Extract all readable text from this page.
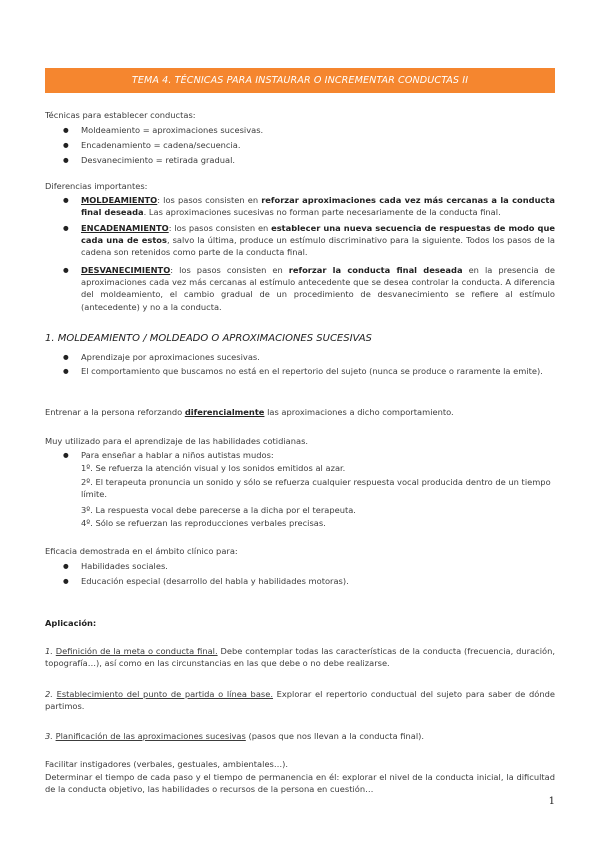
TEMA 4. TÉCNICAS PARA INSTAURAR O INCREMENTAR CONDUCTAS II
Técnicas para establecer conductas:
● Moldeamiento = aproximaciones sucesivas.
● Encadenamiento = cadena/secuencia.
● Desvanecimiento = retirada gradual.
Diferencias importantes:
● MOLDEAMIENTO: los pasos consisten en reforzar aproximaciones cada vez más cercanas a la conducta final deseada. Las aproximaciones sucesivas no forman parte necesariamente de la conducta final.
● ENCADENAMIENTO: los pasos consisten en establecer una nueva secuencia de respuestas de modo que cada una de estos, salvo la última, produce un estímulo discriminativo para la siguiente. Todos los pasos de la cadena son retenidos como parte de la conducta final.
● DESVANECIMIENTO: los pasos consisten en reforzar la conducta final deseada en la presencia de aproximaciones cada vez más cercanas al estímulo antecedente que se desea controlar la conducta. A diferencia del moldeamiento, el cambio gradual de un procedimiento de desvanecimiento se refiere al estímulo (antecedente) y no a la conducta.
1. MOLDEAMIENTO / MOLDEADO O APROXIMACIONES SUCESIVAS
● Aprendizaje por aproximaciones sucesivas.
● El comportamiento que buscamos no está en el repertorio del sujeto (nunca se produce o raramente la emite).
Entrenar a la persona reforzando diferencialmente las aproximaciones a dicho comportamiento.
Muy utilizado para el aprendizaje de las habilidades cotidianas.
● Para enseñar a hablar a niños autistas mudos:
1º. Se refuerza la atención visual y los sonidos emitidos al azar.
2º. El terapeuta pronuncia un sonido y sólo se refuerza cualquier respuesta vocal producida dentro de un tiempo límite.
3º. La respuesta vocal debe parecerse a la dicha por el terapeuta.
4º. Sólo se refuerzan las reproducciones verbales precisas.
Eficacia demostrada en el ámbito clínico para:
● Habilidades sociales.
● Educación especial (desarrollo del habla y habilidades motoras).
Aplicación:
1. Definición de la meta o conducta final. Debe contemplar todas las características de la conducta (frecuencia, duración, topografía…), así como en las circunstancias en las que debe o no debe realizarse.
2. Establecimiento del punto de partida o línea base. Explorar el repertorio conductual del sujeto para saber de dónde partimos.
3. Planificación de las aproximaciones sucesivas (pasos que nos llevan a la conducta final).
Facilitar instigadores (verbales, gestuales, ambientales…).
Determinar el tiempo de cada paso y el tiempo de permanencia en él: explorar el nivel de la conducta inicial, la dificultad de la conducta objetivo, las habilidades o recursos de la persona en cuestión…
1
